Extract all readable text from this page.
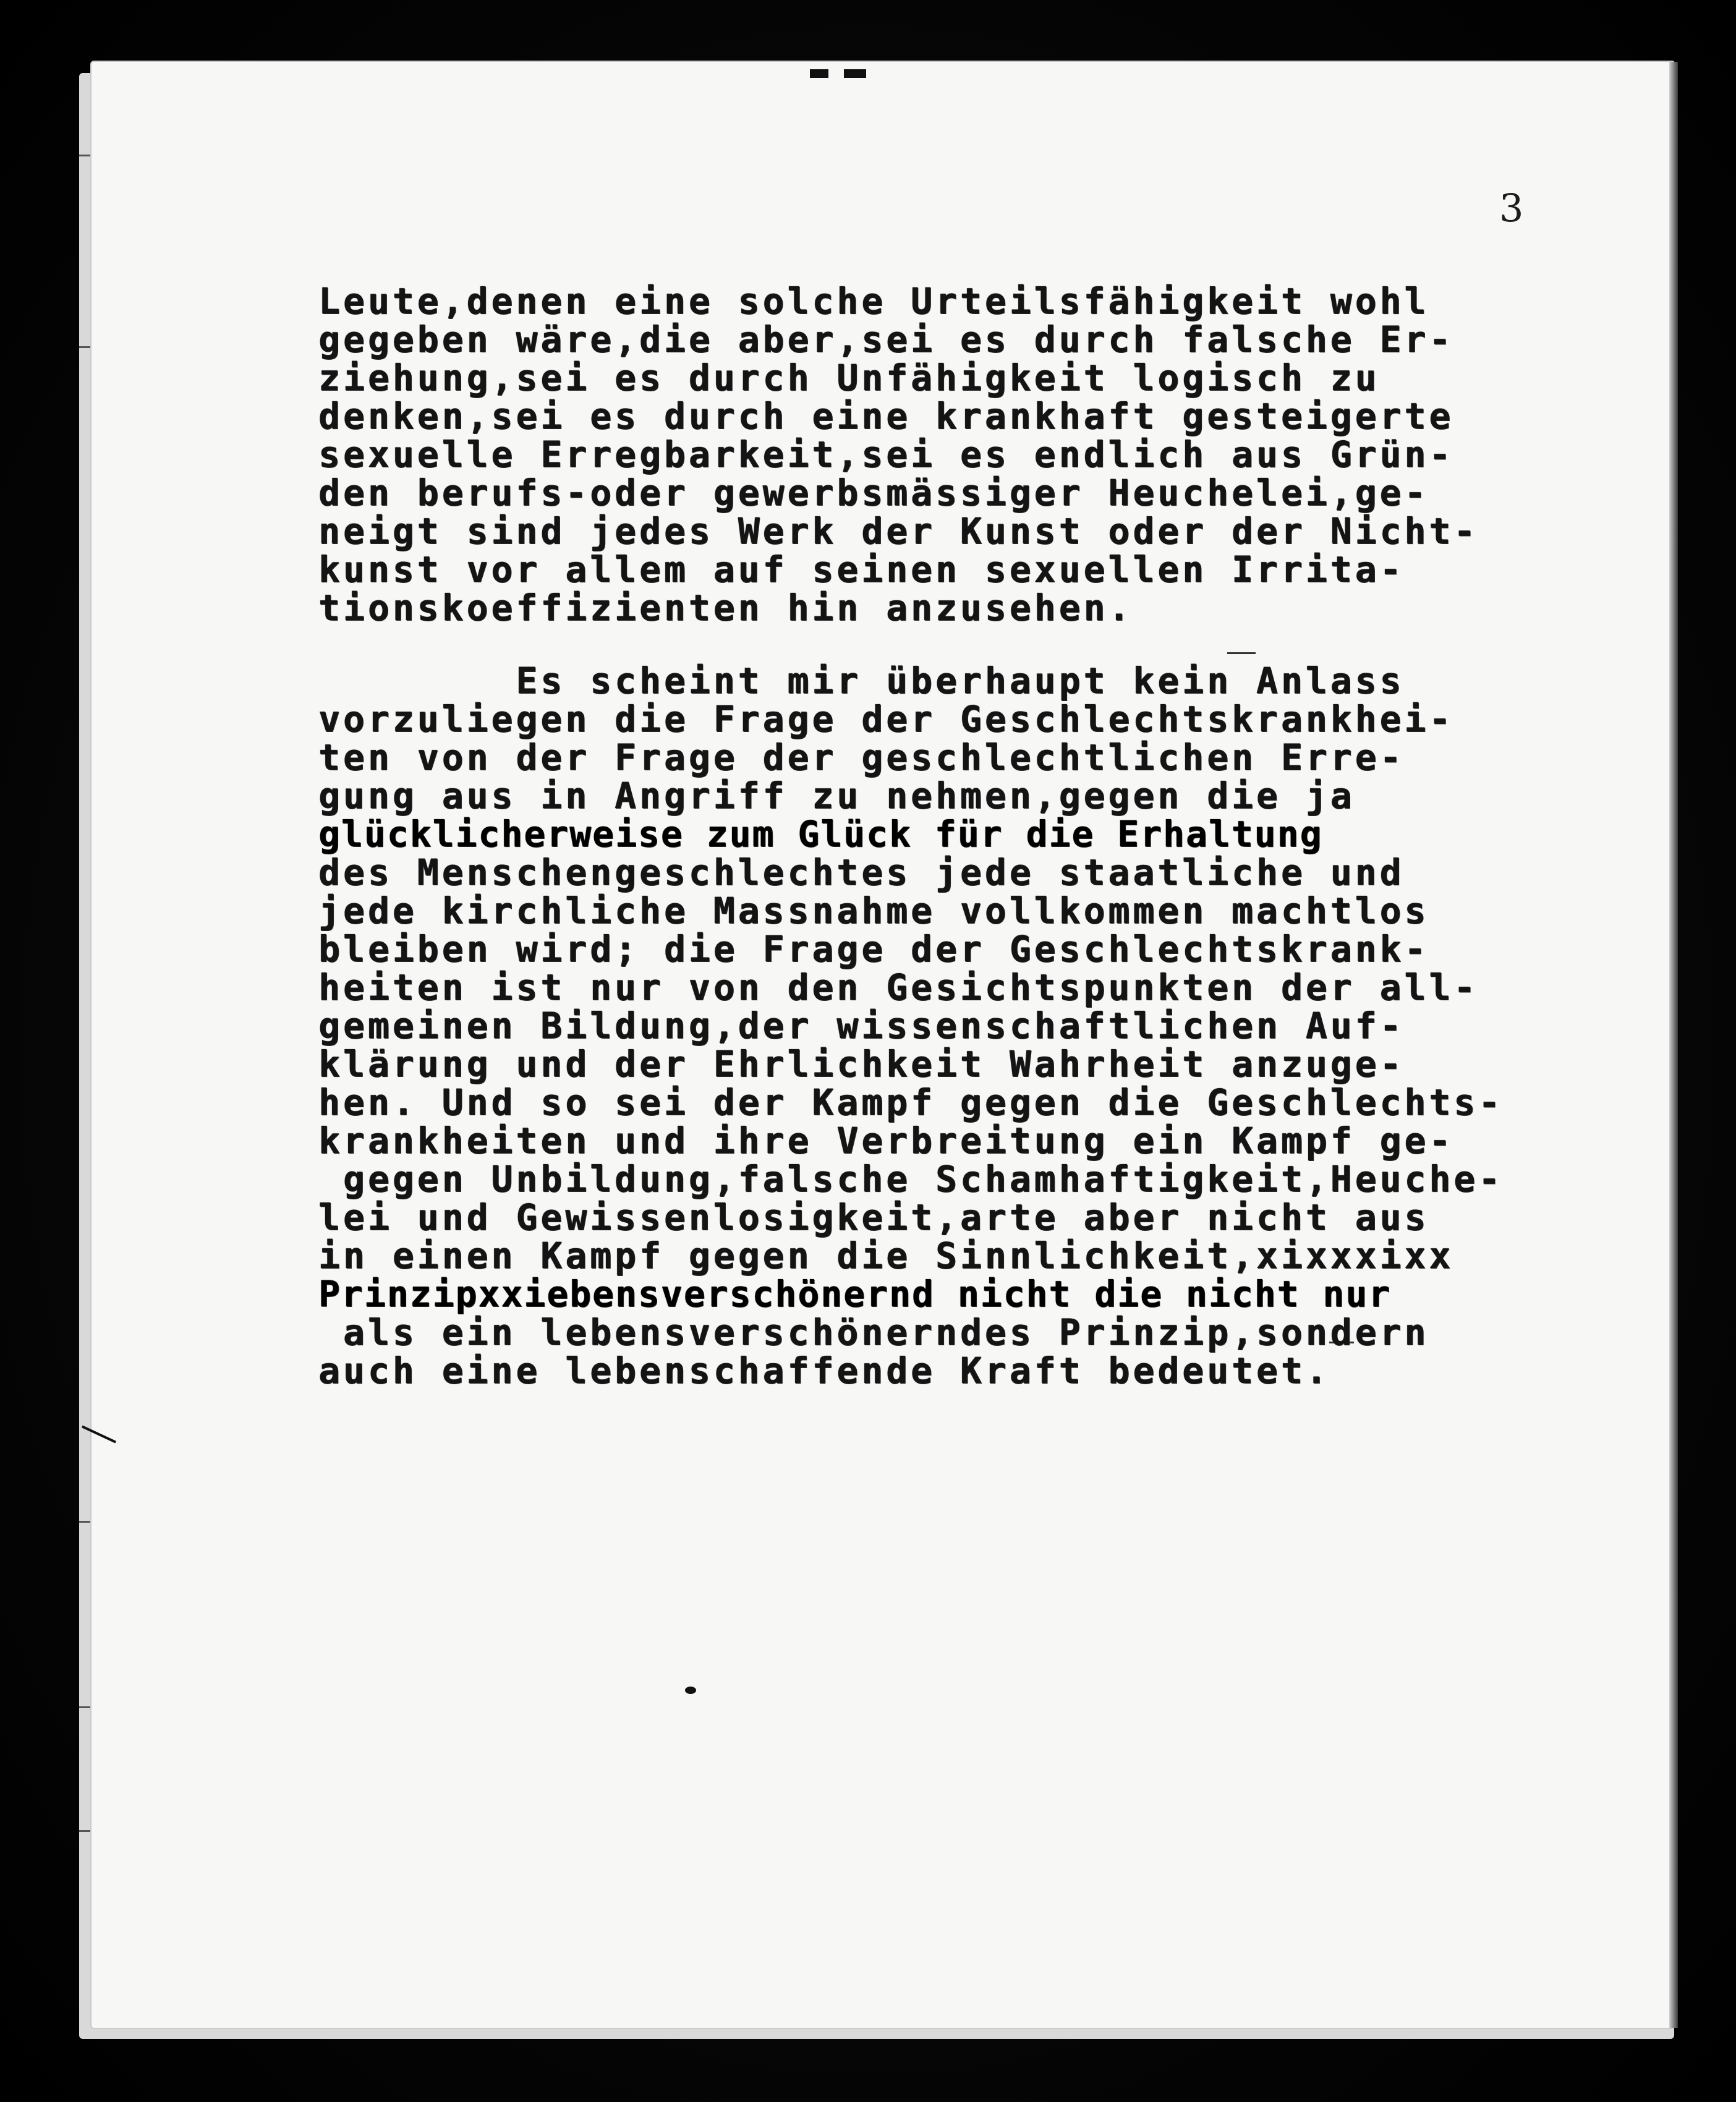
3

Leute,denen eine solche Urteilsfähigkeit wohl
gegeben wäre,die aber,sei es durch falsche Er-
ziehung,sei es durch Unfähigkeit logisch zu
denken,sei es durch eine krankhaft gesteigerte
sexuelle Erregbarkeit,sei es endlich aus Grün-
den berufs-oder gewerbsmässiger Heuchelei,ge-
neigt sind jedes Werk der Kunst oder der Nicht-
kunst vor allem auf seinen sexuellen Irrita-
tionskoeffizienten hin anzusehen.
Es scheint mir überhaupt kein Anlass
vorzuliegen die Frage der Geschlechtskrankhei-
ten von der Frage der geschlechtlichen Erre-
gung aus in Angriff zu nehmen,gegen die ja
glücklicherweise zum Glück für die Erhaltung
des Menschengeschlechtes jede staatliche und
jede kirchliche Massnahme vollkommen machtlos
bleiben wird; die Frage der Geschlechtskrank-
heiten ist nur von den Gesichtspunkten der all-
gemeinen Bildung,der wissenschaftlichen Auf-
klärung und der Ehrlichkeit Wahrheit anzuge-
hen. Und so sei der Kampf gegen die Geschlechts-
krankheiten und ihre Verbreitung ein Kampf ge-
gegen Unbildung,falsche Schamhaftigkeit,Heuche-
lei und Gewissenlosigkeit,arte aber nicht aus
in einen Kampf gegen die Sinnlichkeit,xixxxixx
Prinzipxxiebensverschönernd nicht die nicht nur
als ein lebensverschönerndes Prinzip,sondern
auch eine lebenschaffende Kraft bedeutet.
